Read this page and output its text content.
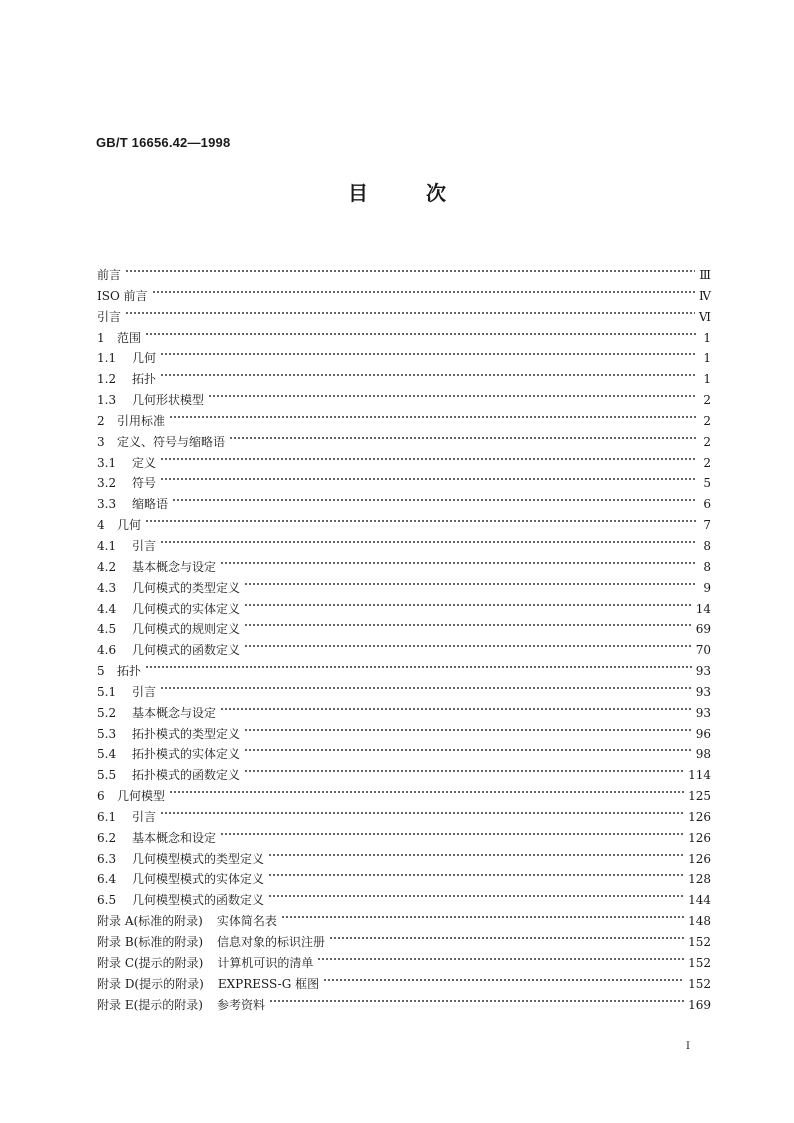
GB/T 16656.42—1998
目	次
前言	Ⅲ
ISO 前言	Ⅳ
引言	Ⅵ
1	范围	1
1.1	几何	1
1.2	拓扑	1
1.3	几何形状模型	2
2	引用标准	2
3	定义、符号与缩略语	2
3.1	定义	2
3.2	符号	5
3.3	缩略语	6
4	几何	7
4.1	引言	8
4.2	基本概念与设定	8
4.3	几何模式的类型定义	9
4.4	几何模式的实体定义	14
4.5	几何模式的规则定义	69
4.6	几何模式的函数定义	70
5	拓扑	93
5.1	引言	93
5.2	基本概念与设定	93
5.3	拓扑模式的类型定义	96
5.4	拓扑模式的实体定义	98
5.5	拓扑模式的函数定义	114
6	几何模型	125
6.1	引言	126
6.2	基本概念和设定	126
6.3	几何模型模式的类型定义	126
6.4	几何模型模式的实体定义	128
6.5	几何模型模式的函数定义	144
附录 A(标准的附录) 实体简名表	148
附录 B(标准的附录) 信息对象的标识注册	152
附录 C(提示的附录) 计算机可识的清单	152
附录 D(提示的附录) EXPRESS-G 框图	152
附录 E(提示的附录) 参考资料	169
Ⅰ
